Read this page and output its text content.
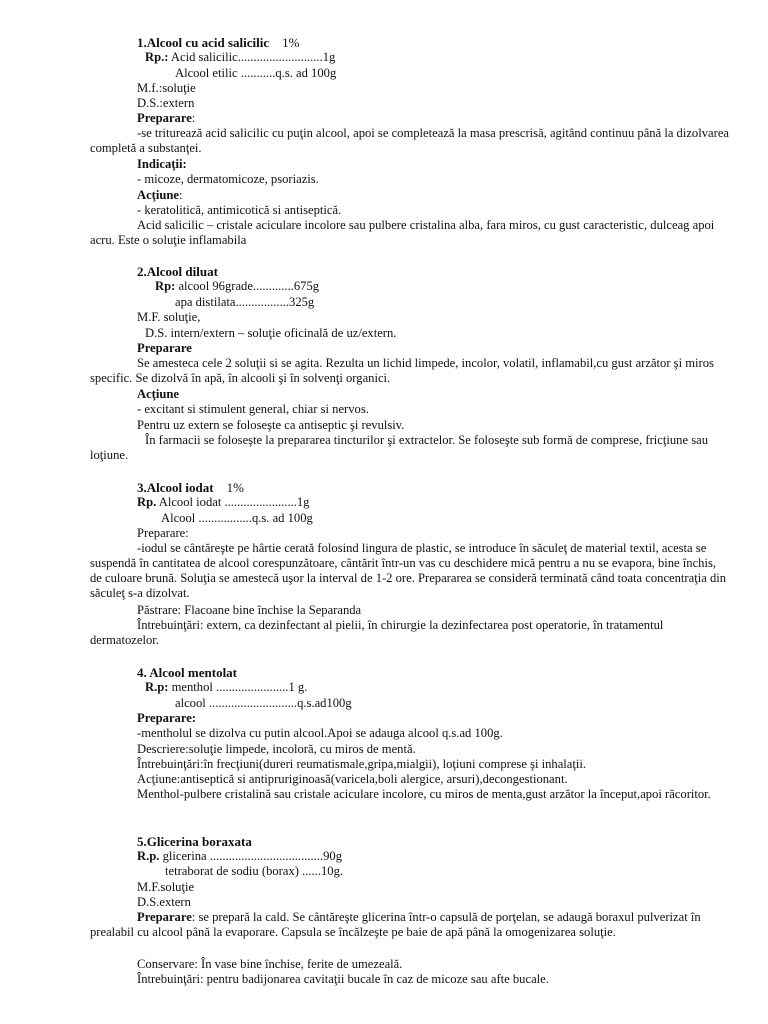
1.Alcool cu acid salicilic 1%
Rp.: Acid salicilic...........................1g
Alcool etilic ...........q.s. ad 100g
M.f.:soluţie
D.S.:extern
Preparare:
-se triturează acid salicilic cu puţin alcool, apoi se completează la masa prescrisă, agitând continuu până la dizolvarea completă a substanţei.
Indicaţii:
- micoze, dermatomicoze, psoriazis.
Acţiune:
- keratolitică, antimicotică si antiseptică.
Acid salicilic – cristale aciculare incolore sau pulbere cristalina alba, fara miros, cu gust caracteristic, dulceag apoi acru. Este o soluţie inflamabila
2.Alcool diluat
Rp: alcool 96grade.............675g
apa distilata.................325g
M.F. soluţie,
D.S. intern/extern – soluţie oficinală de uz/extern.
Preparare
Se amesteca cele 2 soluţii si se agita. Rezulta un lichid limpede, incolor, volatil, inflamabil,cu gust arzător şi miros specific. Se dizolvă în apă, în alcooli şi în solvenţi organici.
Acţiune
- excitant si stimulent general, chiar si nervos.
Pentru uz extern se foloseşte ca antiseptic şi revulsiv.
În farmacii se foloseşte la prepararea tincturilor şi extractelor. Se foloseşte sub formă de comprese, fricţiune sau loţiune.
3.Alcool iodat 1%
Rp. Alcool iodat .......................1g
Alcool .................q.s. ad 100g
Preparare:
-iodul se cântăreşte pe hârtie cerată folosind lingura de plastic, se introduce în săculeţ de material textil, acesta se suspendă în cantitatea de alcool corespunzătoare, cântărit într-un vas cu deschidere mică pentru a nu se evapora, bine închis, de culoare brună. Soluţia se amestecă uşor la interval de 1-2 ore. Prepararea se consideră terminată când toata concentraţia din săculeţ s-a dizolvat.
Păstrare: Flacoane bine închise la Separanda
Întrebuinţări: extern, ca dezinfectant al pielii, în chirurgie la dezinfectarea post operatorie, în tratamentul dermatozelor.
4. Alcool mentolat
R.p: menthol .......................1 g.
alcool ............................q.s.ad100g
Preparare:
-mentholul se dizolva cu putin alcool.Apoi se adauga alcool q.s.ad 100g.
Descriere:soluţie limpede, incoloră, cu miros de mentă.
Întrebuinţări:în frecţiuni(dureri reumatismale,gripa,mialgii), loţiuni comprese şi inhalaţii.
Acţiune:antiseptică si antipruriginoasă(varicela,boli alergice, arsuri),decongestionant.
Menthol-pulbere cristalină sau cristale aciculare incolore, cu miros de menta,gust arzător la început,apoi răcoritor.
5.Glicerina boraxata
R.p. glicerina ....................................90g
tetraborat de sodiu (borax) ......10g.
M.F.soluţie
D.S.extern
Preparare: se prepară la cald. Se cântăreşte glicerina într-o capsulă de porţelan, se adaugă boraxul pulverizat în prealabil cu alcool până la evaporare. Capsula se încălzeşte pe baie de apă până la omogenizarea soluţie.
Conservare: În vase bine închise, ferite de umezeală.
Întrebuinţări: pentru badijonarea cavitaţii bucale în caz de micoze sau afte bucale.
